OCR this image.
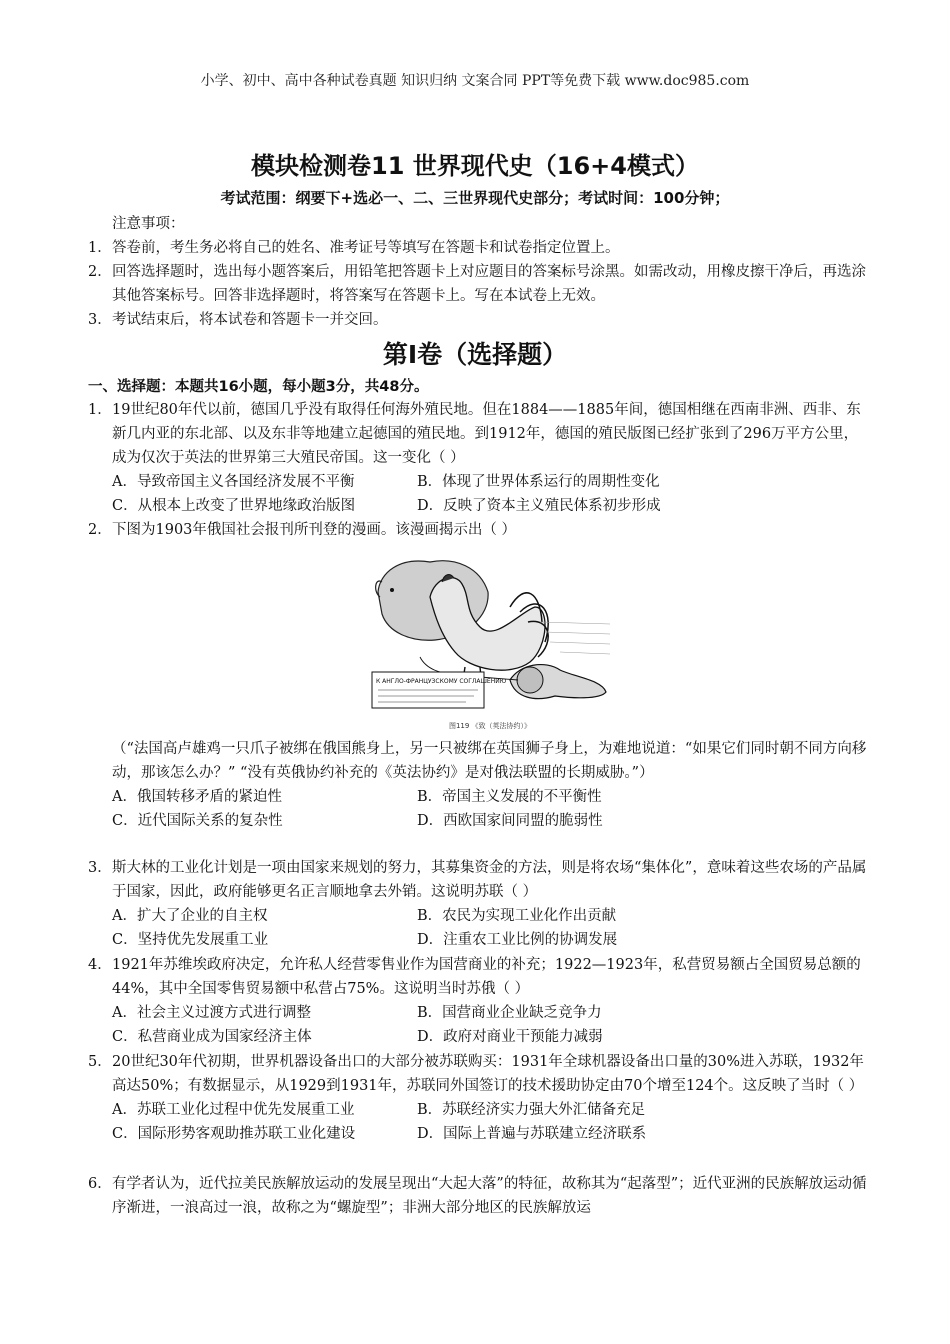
小学、初中、高中各种试卷真题 知识归纳 文案合同 PPT等免费下载 www.doc985.com
模块检测卷11 世界现代史（16+4模式）
考试范围：纲要下+选必一、二、三世界现代史部分；考试时间：100分钟；
注意事项：
1． 答卷前，考生务必将自己的姓名、准考证号等填写在答题卡和试卷指定位置上。
2． 回答选择题时，选出每小题答案后，用铅笔把答题卡上对应题目的答案标号涂黑。如需改动，用橡皮擦干净后，再选涂其他答案标号。回答非选择题时，将答案写在答题卡上。写在本试卷上无效。
3． 考试结束后，将本试卷和答题卡一并交回。
第I卷（选择题）
一、选择题：本题共16小题，每小题3分，共48分。
1． 19世纪80年代以前，德国几乎没有取得任何海外殖民地。但在1884——1885年间，德国相继在西南非洲、西非、东新几内亚的东北部、以及东非等地建立起德国的殖民地。到1912年，德国的殖民版图已经扩张到了296万平方公里，成为仅次于英法的世界第三大殖民帝国。这一变化（ ）
A．导致帝国主义各国经济发展不平衡	B．体现了世界体系运行的周期性变化
C．从根本上改变了世界地缘政治版图	D．反映了资本主义殖民体系初步形成
2． 下图为1903年俄国社会报刊所刊登的漫画。该漫画揭示出（ ）
К АНГЛО-ФРАНЦУЗСКОМУ СОГЛАШЕНИЮ
图119 《致（英法协约）》
（“法国高卢雄鸡一只爪子被绑在俄国熊身上，另一只被绑在英国狮子身上，为难地说道：“如果它们同时朝不同方向移动，那该怎么办？” “没有英俄协约补充的《英法协约》是对俄法联盟的长期威胁。”）
A．俄国转移矛盾的紧迫性	B．帝国主义发展的不平衡性
C．近代国际关系的复杂性	D．西欧国家间同盟的脆弱性
3． 斯大林的工业化计划是一项由国家来规划的努力，其募集资金的方法，则是将农场“集体化”，意味着这些农场的产品属于国家，因此，政府能够更名正言顺地拿去外销。这说明苏联（ ）
A．扩大了企业的自主权	B．农民为实现工业化作出贡献
C．坚持优先发展重工业	D．注重农工业比例的协调发展
4． 1921年苏维埃政府决定，允许私人经营零售业作为国营商业的补充；1922—1923年，私营贸易额占全国贸易总额的44%，其中全国零售贸易额中私营占75%。这说明当时苏俄（ ）
A．社会主义过渡方式进行调整	B．国营商业企业缺乏竞争力
C．私营商业成为国家经济主体	D．政府对商业干预能力减弱
5． 20世纪30年代初期，世界机器设备出口的大部分被苏联购买：1931年全球机器设备出口量的30%进入苏联，1932年高达50%；有数据显示，从1929到1931年，苏联同外国签订的技术援助协定由70个增至124个。这反映了当时（ ）
A．苏联工业化过程中优先发展重工业	B．苏联经济实力强大外汇储备充足
C．国际形势客观助推苏联工业化建设	D．国际上普遍与苏联建立经济联系
6． 有学者认为，近代拉美民族解放运动的发展呈现出“大起大落”的特征，故称其为“起落型”；近代亚洲的民族解放运动循序渐进，一浪高过一浪，故称之为“螺旋型”；非洲大部分地区的民族解放运
